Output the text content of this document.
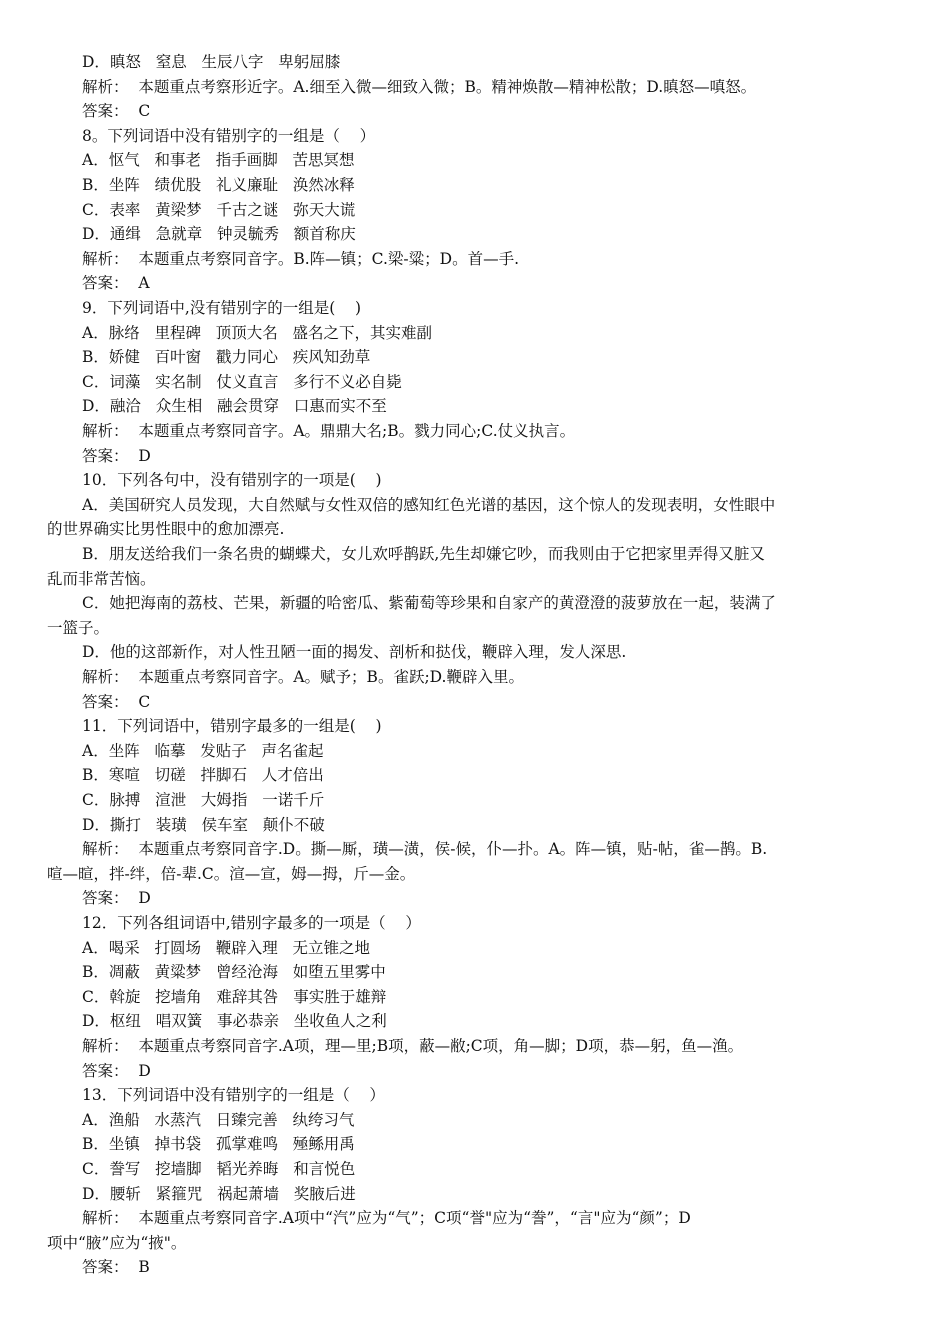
D．瞋怒   窒息   生辰八字   卑躬屈膝
解析：  本题重点考察形近字。A.细至入微—细致入微；B。精神焕散—精神松散；D.瞋怒—嗔怒。
答案：  C
8。下列词语中没有错别字的一组是（    ）
A．怄气   和事老   指手画脚   苦思冥想
B．坐阵   绩优股   礼义廉耻   涣然冰释
C．表率   黄梁梦   千古之谜   弥天大谎
D．通缉   急就章   钟灵毓秀   额首称庆
解析：  本题重点考察同音字。B.阵—镇；C.梁-粱；D。首—手.
答案：  A
9．下列词语中,没有错别字的一组是(    )
A．脉络   里程碑   顶顶大名   盛名之下，其实难副
B．娇健   百叶窗   戳力同心   疾风知劲草
C．词藻   实名制   仗义直言   多行不义必自毙
D．融洽   众生相   融会贯穿   口惠而实不至
解析：  本题重点考察同音字。A。鼎鼎大名;B。戮力同心;C.仗义执言。
答案：  D
10．下列各句中，没有错别字的一项是(    )
A．美国研究人员发现，大自然赋与女性双倍的感知红色光谱的基因，这个惊人的发现表明，女性眼中
的世界确实比男性眼中的愈加漂亮.
B．朋友送给我们一条名贵的蝴蝶犬，女儿欢呼鹊跃,先生却嫌它吵，而我则由于它把家里弄得又脏又
乱而非常苦恼。
C．她把海南的荔枝、芒果，新疆的哈密瓜、紫葡萄等珍果和自家产的黄澄澄的菠萝放在一起，装满了
一篮子。
D．他的这部新作，对人性丑陋一面的揭发、剖析和挞伐，鞭辟入理，发人深思.
解析：  本题重点考察同音字。A。赋予；B。雀跃;D.鞭辟入里。
答案：  C
11．下列词语中，错别字最多的一组是(    )
A．坐阵   临摹   发贴子   声名雀起
B．寒喧   切磋   拌脚石   人才倍出
C．脉搏   渲泄   大姆指   一诺千斤
D．撕打   装璜   侯车室   颠仆不破
解析：  本题重点考察同音字.D。撕—厮，璜—潢，侯-候，仆—扑。A。阵—镇，贴-帖，雀—鹊。B.
喧—暄，拌-绊，倍-辈.C。渲—宣，姆—拇，斤—金。
答案：  D
12．下列各组词语中,错别字最多的一项是（    ）
A．喝采   打圆场   鞭辟入理   无立锥之地
B．凋蔽   黄粱梦   曾经沧海   如堕五里雾中
C．斡旋   挖墙角   难辞其咎   事实胜于雄辩
D．枢纽   唱双簧   事必恭亲   坐收鱼人之利
解析：  本题重点考察同音字.A项，理—里;B项，蔽—敝;C项，角—脚；D项，恭—躬，鱼—渔。
答案：  D
13．下列词语中没有错别字的一组是（    ）
A．渔船   水蒸汽   日臻完善   纨绔习气
B．坐镇   掉书袋   孤掌难鸣   殛鲧用禹
C．誊写   挖墙脚   韬光养晦   和言悦色
D．腰斩   紧箍咒   祸起萧墙   奖腋后进
解析：  本题重点考察同音字.A项中“汽”应为“气”；C项“誉"应为“誊”，“言"应为“颜”；D
项中“腋”应为“掖"。
答案：  B
